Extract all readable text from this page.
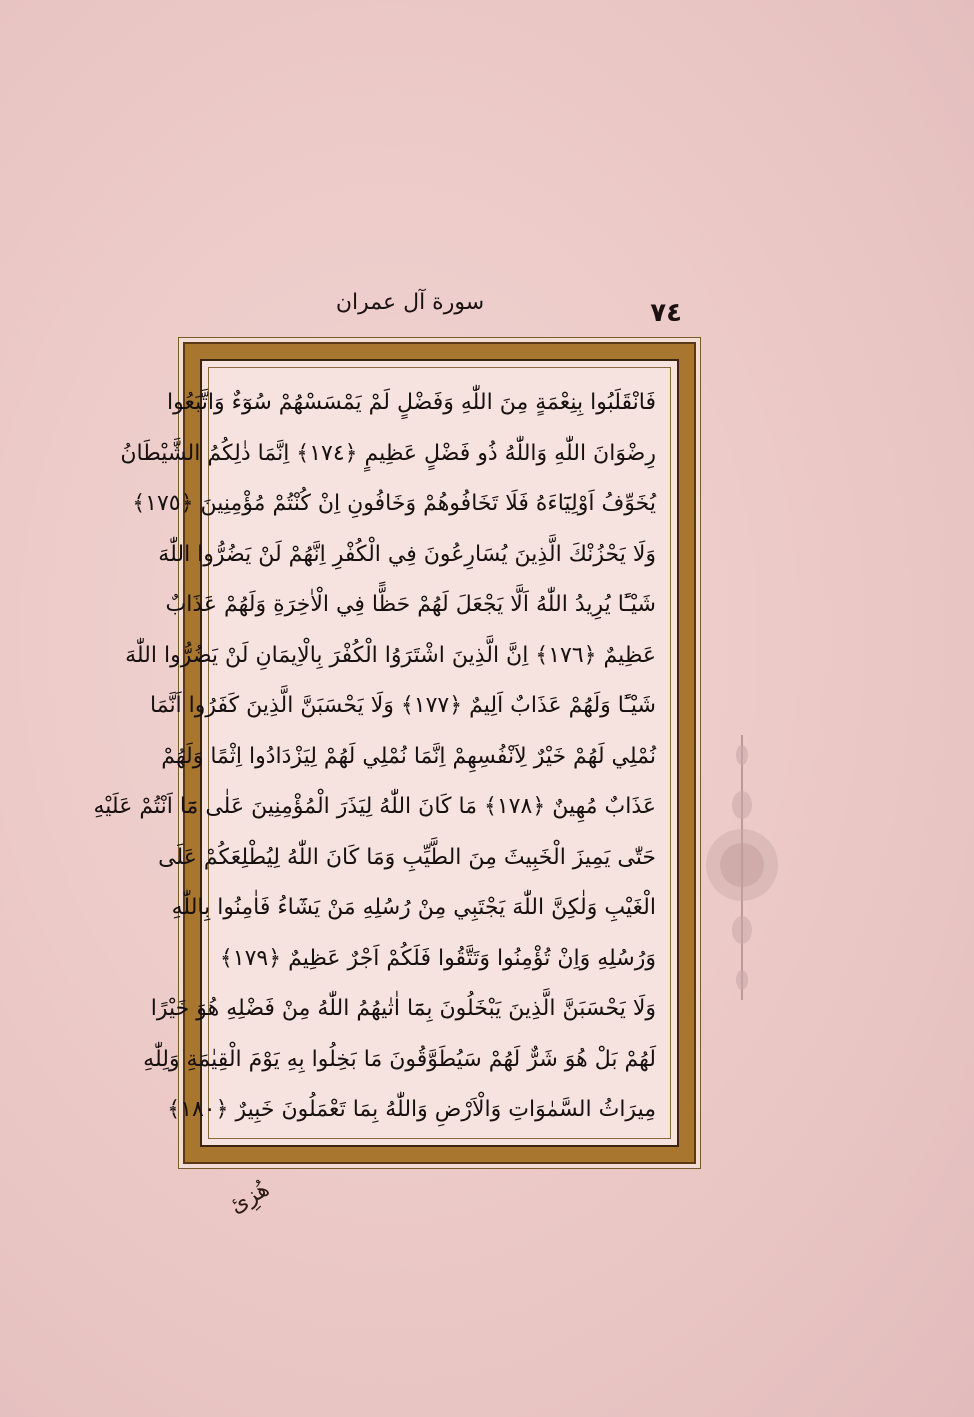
سورة آل عمران	٧٤
فَانْقَلَبُوا بِنِعْمَةٍ مِنَ اللّٰهِ وَفَضْلٍ لَمْ يَمْسَسْهُمْ سُوٓءٌ وَاتَّبَعُوا
رِضْوَانَ اللّٰهِ وَاللّٰهُ ذُو فَضْلٍ عَظِيمٍ ﴿١٧٤﴾ اِنَّمَا ذٰلِكُمُ الشَّيْطَانُ
يُخَوِّفُ اَوْلِيَٓاءَهُ فَلَا تَخَافُوهُمْ وَخَافُونِ اِنْ كُنْتُمْ مُؤْمِنِينَ ﴿١٧٥﴾
وَلَا يَحْزُنْكَ الَّذِينَ يُسَارِعُونَ فِي الْكُفْرِ اِنَّهُمْ لَنْ يَضُرُّوا اللّٰهَ
شَيْـًٔا يُرِيدُ اللّٰهُ اَلَّا يَجْعَلَ لَهُمْ حَظًّا فِي الْاٰخِرَةِ وَلَهُمْ عَذَابٌ
عَظِيمٌ ﴿١٧٦﴾ اِنَّ الَّذِينَ اشْتَرَوُا الْكُفْرَ بِالْاِيمَانِ لَنْ يَضُرُّوا اللّٰهَ
شَيْـًٔا وَلَهُمْ عَذَابٌ اَلِيمٌ ﴿١٧٧﴾ وَلَا يَحْسَبَنَّ الَّذِينَ كَفَرُوا اَنَّمَا
نُمْلِي لَهُمْ خَيْرٌ لِاَنْفُسِهِمْ اِنَّمَا نُمْلِي لَهُمْ لِيَزْدَادُوا اِثْمًا وَلَهُمْ
عَذَابٌ مُهِينٌ ﴿١٧٨﴾ مَا كَانَ اللّٰهُ لِيَذَرَ الْمُؤْمِنِينَ عَلٰى مَٓا اَنْتُمْ عَلَيْهِ
حَتّٰى يَمِيزَ الْخَبِيثَ مِنَ الطَّيِّبِ وَمَا كَانَ اللّٰهُ لِيُطْلِعَكُمْ عَلَى
الْغَيْبِ وَلٰكِنَّ اللّٰهَ يَجْتَبِي مِنْ رُسُلِهِ مَنْ يَشَٓاءُ فَاٰمِنُوا بِاللّٰهِ
وَرُسُلِهِ وَاِنْ تُؤْمِنُوا وَتَتَّقُوا فَلَكُمْ اَجْرٌ عَظِيمٌ ﴿١٧٩﴾
وَلَا يَحْسَبَنَّ الَّذِينَ يَبْخَلُونَ بِمَٓا اٰتٰيهُمُ اللّٰهُ مِنْ فَضْلِهِ هُوَ خَيْرًا
لَهُمْ بَلْ هُوَ شَرٌّ لَهُمْ سَيُطَوَّقُونَ مَا بَخِلُوا بِهِ يَوْمَ الْقِيٰمَةِ وَلِلّٰهِ
مِيرَاثُ السَّمٰوَاتِ وَالْاَرْضِ وَاللّٰهُ بِمَا تَعْمَلُونَ خَبِيرٌ ﴿١٨٠﴾
هُزِئ
